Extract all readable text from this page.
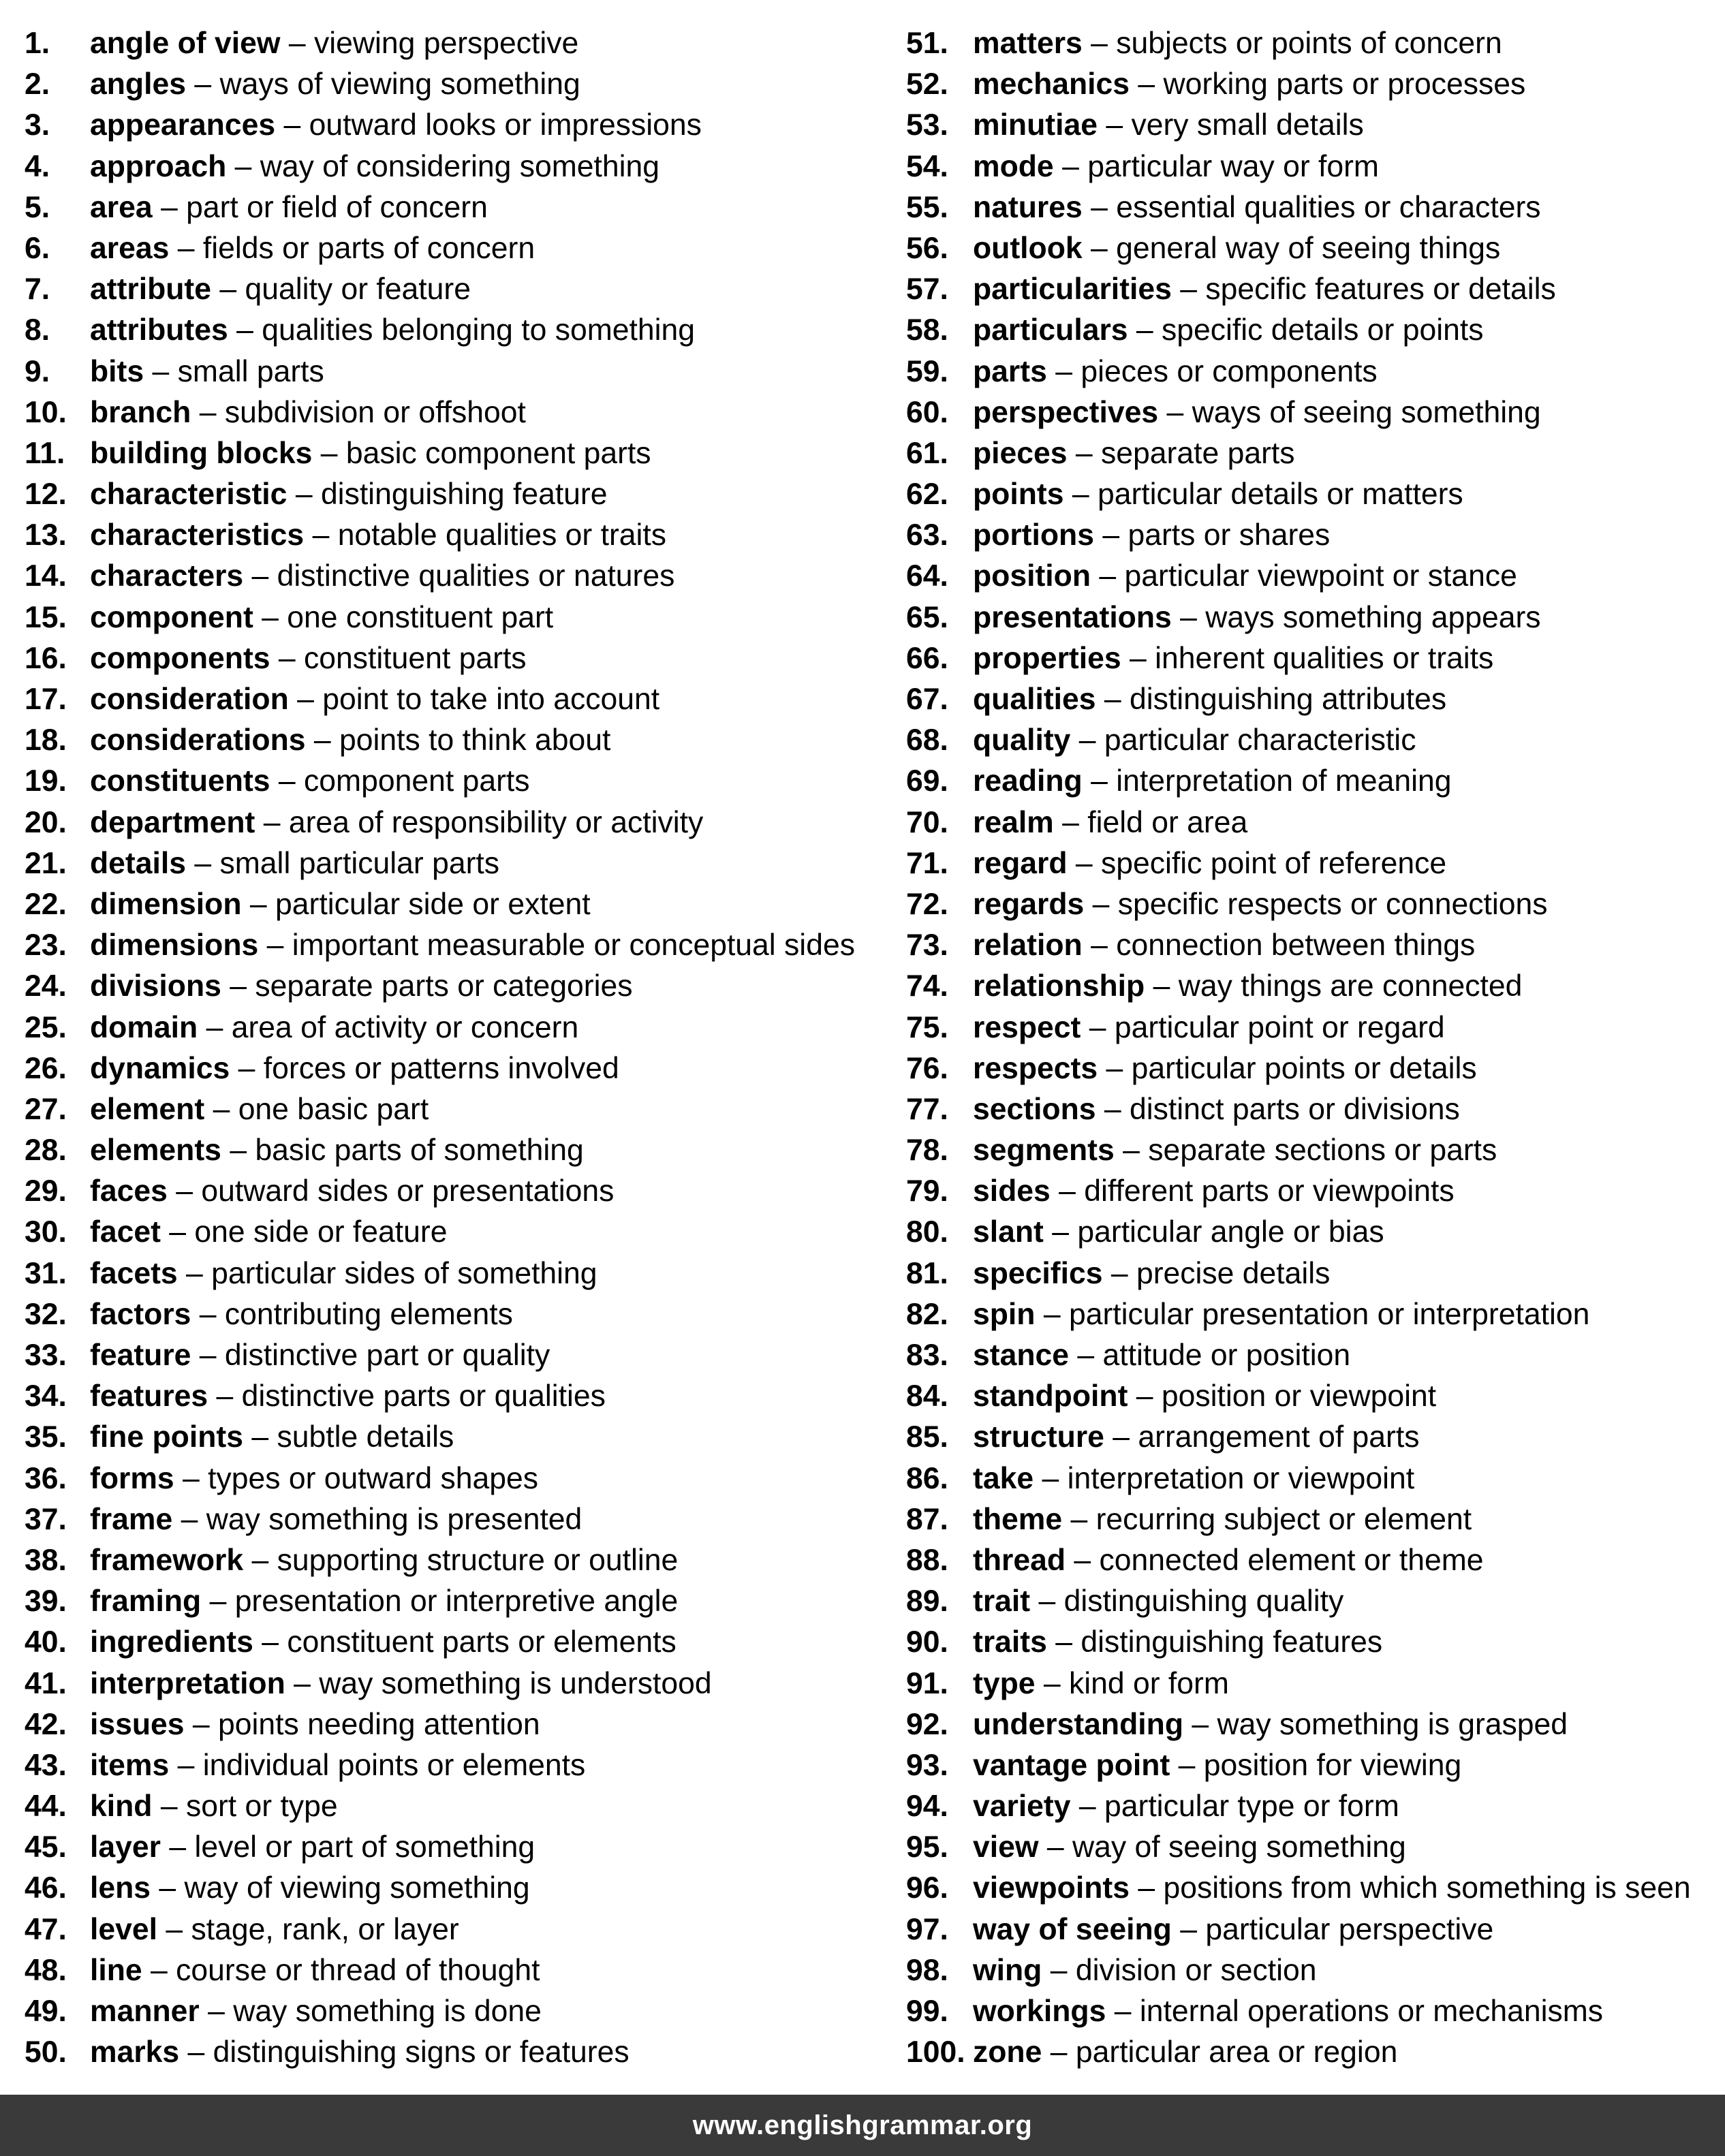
1. angle of view – viewing perspective
2. angles – ways of viewing something
3. appearances – outward looks or impressions
4. approach – way of considering something
5. area – part or field of concern
6. areas – fields or parts of concern
7. attribute – quality or feature
8. attributes – qualities belonging to something
9. bits – small parts
10. branch – subdivision or offshoot
11. building blocks – basic component parts
12. characteristic – distinguishing feature
13. characteristics – notable qualities or traits
14. characters – distinctive qualities or natures
15. component – one constituent part
16. components – constituent parts
17. consideration – point to take into account
18. considerations – points to think about
19. constituents – component parts
20. department – area of responsibility or activity
21. details – small particular parts
22. dimension – particular side or extent
23. dimensions – important measurable or conceptual sides
24. divisions – separate parts or categories
25. domain – area of activity or concern
26. dynamics – forces or patterns involved
27. element – one basic part
28. elements – basic parts of something
29. faces – outward sides or presentations
30. facet – one side or feature
31. facets – particular sides of something
32. factors – contributing elements
33. feature – distinctive part or quality
34. features – distinctive parts or qualities
35. fine points – subtle details
36. forms – types or outward shapes
37. frame – way something is presented
38. framework – supporting structure or outline
39. framing – presentation or interpretive angle
40. ingredients – constituent parts or elements
41. interpretation – way something is understood
42. issues – points needing attention
43. items – individual points or elements
44. kind – sort or type
45. layer – level or part of something
46. lens – way of viewing something
47. level – stage, rank, or layer
48. line – course or thread of thought
49. manner – way something is done
50. marks – distinguishing signs or features
51. matters – subjects or points of concern
52. mechanics – working parts or processes
53. minutiae – very small details
54. mode – particular way or form
55. natures – essential qualities or characters
56. outlook – general way of seeing things
57. particularities – specific features or details
58. particulars – specific details or points
59. parts – pieces or components
60. perspectives – ways of seeing something
61. pieces – separate parts
62. points – particular details or matters
63. portions – parts or shares
64. position – particular viewpoint or stance
65. presentations – ways something appears
66. properties – inherent qualities or traits
67. qualities – distinguishing attributes
68. quality – particular characteristic
69. reading – interpretation of meaning
70. realm – field or area
71. regard – specific point of reference
72. regards – specific respects or connections
73. relation – connection between things
74. relationship – way things are connected
75. respect – particular point or regard
76. respects – particular points or details
77. sections – distinct parts or divisions
78. segments – separate sections or parts
79. sides – different parts or viewpoints
80. slant – particular angle or bias
81. specifics – precise details
82. spin – particular presentation or interpretation
83. stance – attitude or position
84. standpoint – position or viewpoint
85. structure – arrangement of parts
86. take – interpretation or viewpoint
87. theme – recurring subject or element
88. thread – connected element or theme
89. trait – distinguishing quality
90. traits – distinguishing features
91. type – kind or form
92. understanding – way something is grasped
93. vantage point – position for viewing
94. variety – particular type or form
95. view – way of seeing something
96. viewpoints – positions from which something is seen
97. way of seeing – particular perspective
98. wing – division or section
99. workings – internal operations or mechanisms
100. zone – particular area or region
www.englishgrammar.org
